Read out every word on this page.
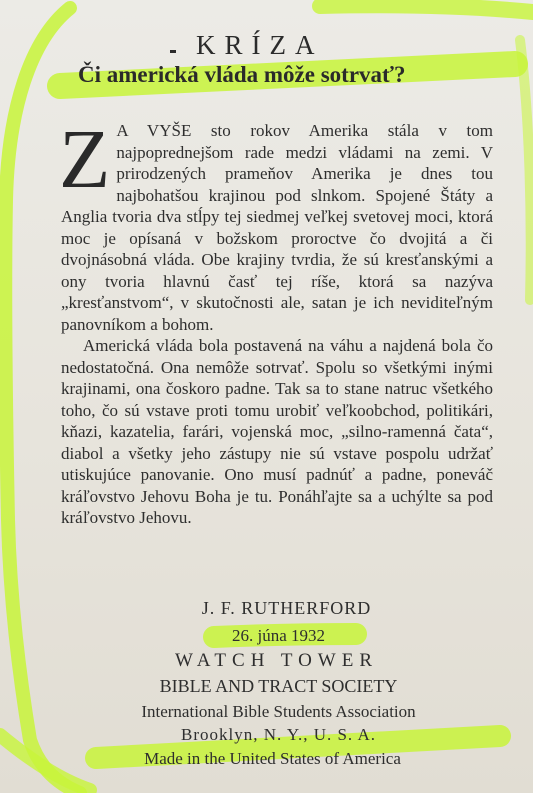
KRÍZA
Či americká vláda môže sotrvať?

Z A VYŠE sto rokov Amerika stála v tom najpoprednejšom rade medzi vládami na zemi. V prirodzených prameňov Amerika je dnes tou najbohatšou krajinou pod slnkom. Spojené Štáty a Anglia tvoria dva stĺpy tej siedmej veľkej svetovej moci, ktorá moc je opísaná v božskom proroctve čo dvojitá a či dvojnásobná vláda. Obe krajiny tvrdia, že sú kresťanskými a ony tvoria hlavnú časť tej ríše, ktorá sa nazýva „kresťanstvom“, v skutočnosti ale, satan je ich neviditeľným panovníkom a bohom.

Americká vláda bola postavená na váhu a najdená bola čo nedostatočná. Ona nemôže sotrvať. Spolu so všetkými inými krajinami, ona čoskoro padne. Tak sa to stane natruc všetkého toho, čo sú vstave proti tomu urobiť veľkoobchod, politikári, kňazi, kazatelia, farári, vojenská moc, „silno-ramenná čata“, diabol a všetky jeho zástupy nie sú vstave pospolu udržať utiskujúce panovanie. Ono musí padnúť a padne, poneváč kráľovstvo Jehovu Boha je tu. Ponáhľajte sa a uchýlte sa pod kráľovstvo Jehovu.

J. F. RUTHERFORD
26. júna 1932
WATCH TOWER
BIBLE AND TRACT SOCIETY
International Bible Students Association
Brooklyn, N. Y., U. S. A.
Made in the United States of America
